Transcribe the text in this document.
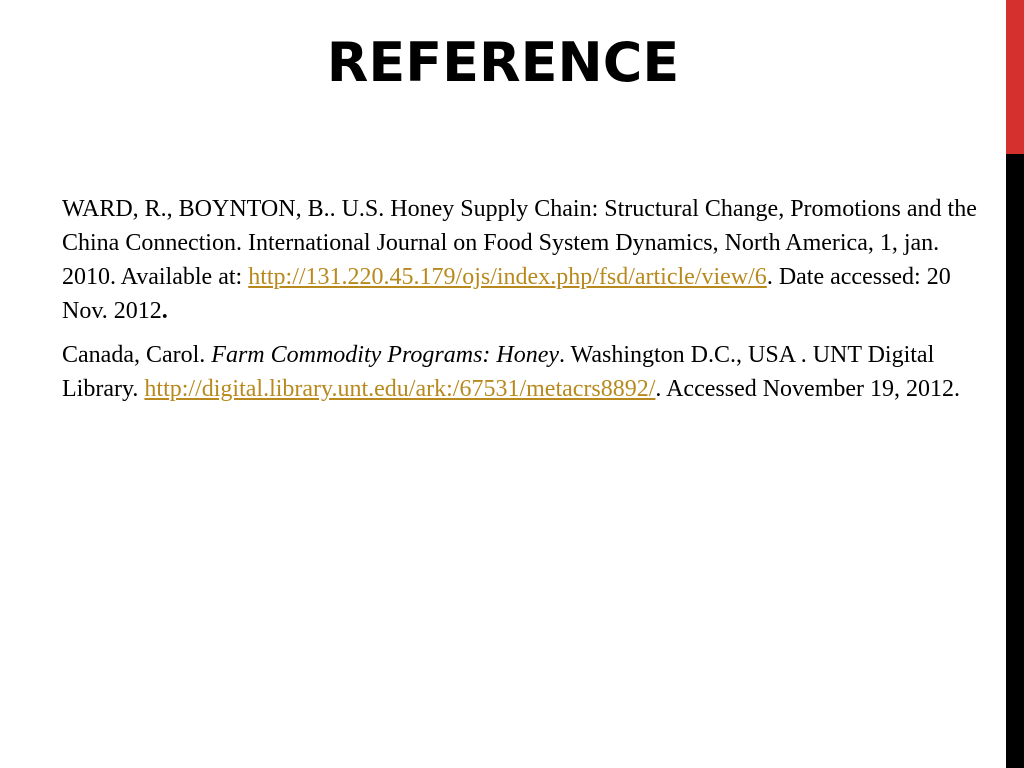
REFERENCE

WARD, R., BOYNTON, B.. U.S. Honey Supply Chain: Structural Change, Promotions and the China Connection. International Journal on Food System Dynamics, North America, 1, jan. 2010. Available at: http://131.220.45.179/ojs/index.php/fsd/article/view/6. Date accessed: 20 Nov. 2012.

Canada, Carol. Farm Commodity Programs: Honey. Washington D.C., USA . UNT Digital Library. http://digital.library.unt.edu/ark:/67531/metacrs8892/. Accessed November 19, 2012.
